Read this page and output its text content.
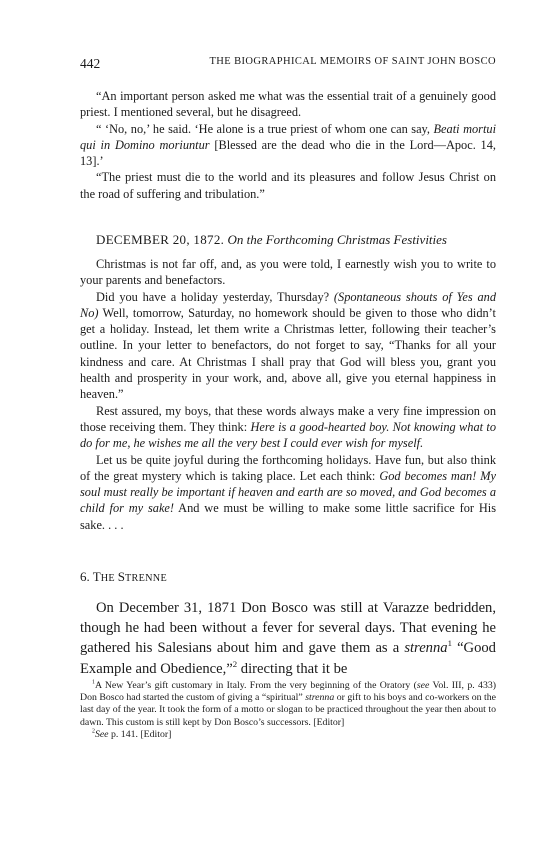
442	THE BIOGRAPHICAL MEMOIRS OF SAINT JOHN BOSCO

“An important person asked me what was the essential trait of a genuinely good priest. I mentioned several, but he disagreed.

“ ‘No, no,’ he said. ‘He alone is a true priest of whom one can say, Beati mortui qui in Domino moriuntur [Blessed are the dead who die in the Lord—Apoc. 14, 13].’

“The priest must die to the world and its pleasures and follow Jesus Christ on the road of suffering and tribulation.”

DECEMBER 20, 1872. On the Forthcoming Christmas Festivities

Christmas is not far off, and, as you were told, I earnestly wish you to write to your parents and benefactors.

Did you have a holiday yesterday, Thursday? (Spontaneous shouts of Yes and No) Well, tomorrow, Saturday, no homework should be given to those who didn’t get a holiday. Instead, let them write a Christmas letter, following their teacher’s outline. In your letter to benefactors, do not forget to say, “Thanks for all your kindness and care. At Christmas I shall pray that God will bless you, grant you health and prosperity in your work, and, above all, give you eternal happiness in heaven.”

Rest assured, my boys, that these words always make a very fine impression on those receiving them. They think: Here is a good-hearted boy. Not knowing what to do for me, he wishes me all the very best I could ever wish for myself.

Let us be quite joyful during the forthcoming holidays. Have fun, but also think of the great mystery which is taking place. Let each think: God becomes man! My soul must really be important if heaven and earth are so moved, and God becomes a child for my sake! And we must be willing to make some little sacrifice for His sake. . . .

6. THE STRENNE

On December 31, 1871 Don Bosco was still at Varazze bedridden, though he had been without a fever for several days. That evening he gathered his Salesians about him and gave them as a strenna$^1$ “Good Example and Obedience,”$^2$ directing that it be

$^1$A New Year’s gift customary in Italy. From the very beginning of the Oratory (see Vol. III, p. 433) Don Bosco had started the custom of giving a “spiritual” strenna or gift to his boys and co-workers on the last day of the year. It took the form of a motto or slogan to be practiced throughout the year then about to dawn. This custom is still kept by Don Bosco’s successors. [Editor]

$^2$See p. 141. [Editor]
